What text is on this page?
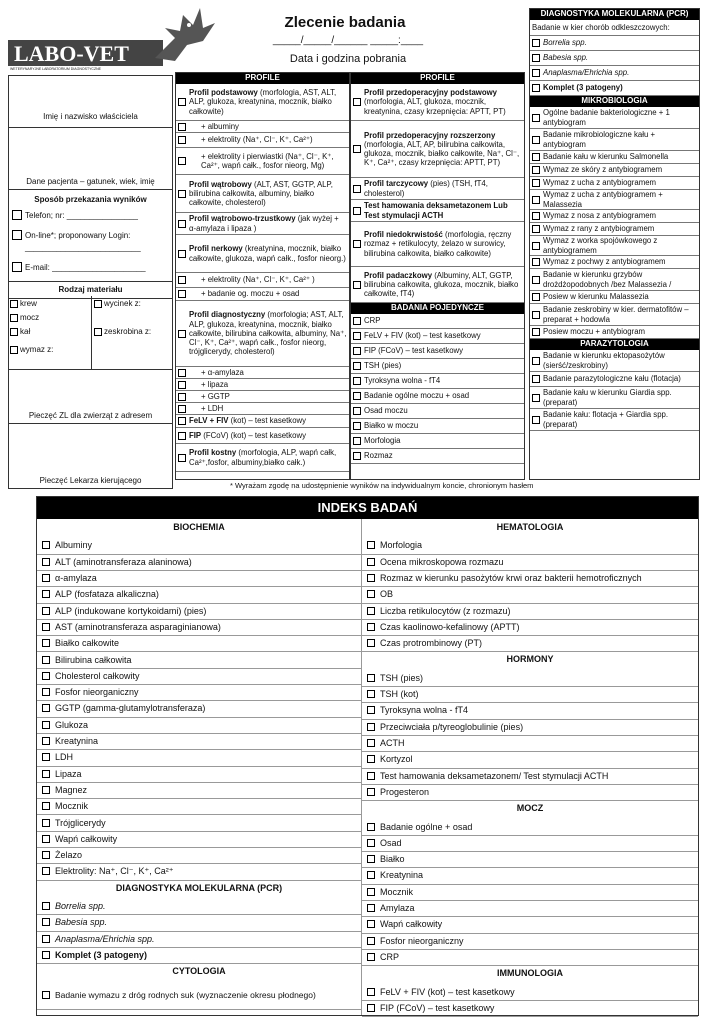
LABO-VET
WETERYNARYJNE LABORATORIUM DIAGNOSTYCZNE
Zlecenie badania
_____/_____/______ _____:____
Data i godzina pobrania
Imię i nazwisko właściciela
Dane pacjenta – gatunek, wiek, imię
Sposób przekazania wyników
Telefon; nr: ________________
On-line*; proponowany Login:
__________________________
E-mail: _____________________
Rodzaj materiału
krew
mocz
kał
wymaz z:
wycinek z:
zeskrobina z:
Pieczęć ZL dla zwierząt z adresem
Pieczęć Lekarza kierującego
PROFILE
Profil podstawowy (morfologia, AST, ALT, ALP, glukoza, kreatynina, mocznik, białko całkowite)
+ albuminy
+ elektrolity (Na⁺, Cl⁻, K⁺, Ca²⁺)
+ elektrolity i pierwiastki (Na⁺, Cl⁻, K⁺, Ca²⁺, wapń całk., fosfor nieorg, Mg)
Profil wątrobowy (ALT, AST, GGTP, ALP, bilirubina całkowita, albuminy, białko całkowite, cholesterol)
Profil wątrobowo-trzustkowy (jak wyżej + α-amylaza i lipaza )
Profil nerkowy (kreatynina, mocznik, białko całkowite, glukoza, wapń całk., fosfor nieorg.)
+ elektrolity (Na⁺, Cl⁻, K⁺, Ca²⁺ )
+ badanie og. moczu + osad
Profil diagnostyczny (morfologia; AST, ALT, ALP, glukoza, kreatynina, mocznik, białko całkowite, bilirubina całkowita, albuminy, Na⁺, Cl⁻, K⁺, Ca²⁺, wapń całk., fosfor nieorg, trójglicerydy, cholesterol)
+ α-amylaza
+ lipaza
+ GGTP
+ LDH
FeLV + FIV (kot) – test kasetkowy
FIP (FCoV) (kot) – test kasetkowy
Profil kostny (morfologia, ALP, wapń całk, Ca²⁺,fosfor, albuminy,białko całk.)
PROFILE
Profil przedoperacyjny podstawowy (morfologia, ALT, glukoza, mocznik, kreatynina, czasy krzepnięcia: APTT, PT)
Profil przedoperacyjny rozszerzony (morfologia, ALT, AP, bilirubina całkowita, glukoza, mocznik, białko całkowite, Na⁺, Cl⁻, K⁺, Ca²⁺, czasy krzepnięcia: APTT, PT)
Profil tarczycowy (pies) (TSH, fT4, cholesterol)
Test hamowania deksametazonem Lub Test stymulacji ACTH
Profil niedokrwistość (morfologia, ręczny rozmaz + retikulocyty, żelazo w surowicy, bilirubina całkowita, białko całkowite)
Profil padaczkowy (Albuminy, ALT, GGTP, bilirubina całkowita, glukoza, mocznik, białko całkowite, fT4)
BADANIA POJEDYNCZE
CRP
FeLV + FIV (kot) – test kasetkowy
FIP (FCoV) – test kasetkowy
TSH (pies)
Tyroksyna wolna - fT4
Badanie ogólne moczu + osad
Osad moczu
Białko w moczu
Morfologia
Rozmaz
DIAGNOSTYKA MOLEKULARNA (PCR)
Badanie w kier chorób odkleszczowych:
Borrelia spp.
Babesia spp.
Anaplasma/Ehrichia spp.
Komplet (3 patogeny)
MIKROBIOLOGIA
Ogólne badanie bakteriologiczne + 1 antybiogram
Badanie mikrobiologiczne kału + antybiogram
Badanie kału w kierunku Salmonella
Wymaz ze skóry z antybiogramem
Wymaz z ucha z antybiogramem
Wymaz z ucha z antybiogramem + Malassezia
Wymaz z nosa z antybiogramem
Wymaz z rany z antybiogramem
Wymaz z worka spojówkowego z antybiogramem
Wymaz z pochwy z antybiogramem
Badanie w kierunku grzybów drożdżopodobnych /bez Malassezia /
Posiew w kierunku Malassezia
Badanie zeskrobiny w kier. dermatofitów – preparat + hodowla
Posiew moczu + antybiogram
PARAZYTOLOGIA
Badanie w kierunku ektopasożytów (sierść/zeskrobiny)
Badanie parazytologiczne kału (flotacja)
Badanie kału w kierunku Giardia spp. (preparat)
Badanie kału: flotacja + Giardia spp. (preparat)
* Wyrażam zgodę na udostępnienie wyników na indywidualnym koncie, chronionym hasłem
INDEKS BADAŃ
BIOCHEMIA
Albuminy
ALT (aminotransferaza alaninowa)
α-amylaza
ALP (fosfataza alkaliczna)
ALP (indukowane kortykoidami) (pies)
AST (aminotransferaza asparaginianowa)
Białko całkowite
Bilirubina całkowita
Cholesterol całkowity
Fosfor nieorganiczny
GGTP (gamma-glutamylotransferaza)
Glukoza
Kreatynina
LDH
Lipaza
Magnez
Mocznik
Trójglicerydy
Wapń całkowity
Żelazo
Elektrolity: Na⁺, Cl⁻, K⁺, Ca²⁺
DIAGNOSTYKA MOLEKULARNA (PCR)
Borrelia spp.
Babesia spp.
Anaplasma/Ehrichia spp.
Komplet (3 patogeny)
CYTOLOGIA
Badanie wymazu z dróg rodnych suk (wyznaczenie okresu płodnego)
HEMATOLOGIA
Morfologia
Ocena mikroskopowa rozmazu
Rozmaz w kierunku pasożytów krwi oraz bakterii hemotroficznych
OB
Liczba retikulocytów (z rozmazu)
Czas kaolinowo-kefalinowy (APTT)
Czas protrombinowy (PT)
HORMONY
TSH (pies)
TSH (kot)
Tyroksyna wolna - fT4
Przeciwciała p/tyreoglobulinie (pies)
ACTH
Kortyzol
Test hamowania deksametazonem/ Test stymulacji ACTH
Progesteron
MOCZ
Badanie ogólne + osad
Osad
Białko
Kreatynina
Mocznik
Amylaza
Wapń całkowity
Fosfor nieorganiczny
CRP
IMMUNOLOGIA
FeLV + FIV (kot) – test kasetkowy
FIP (FCoV) – test kasetkowy
